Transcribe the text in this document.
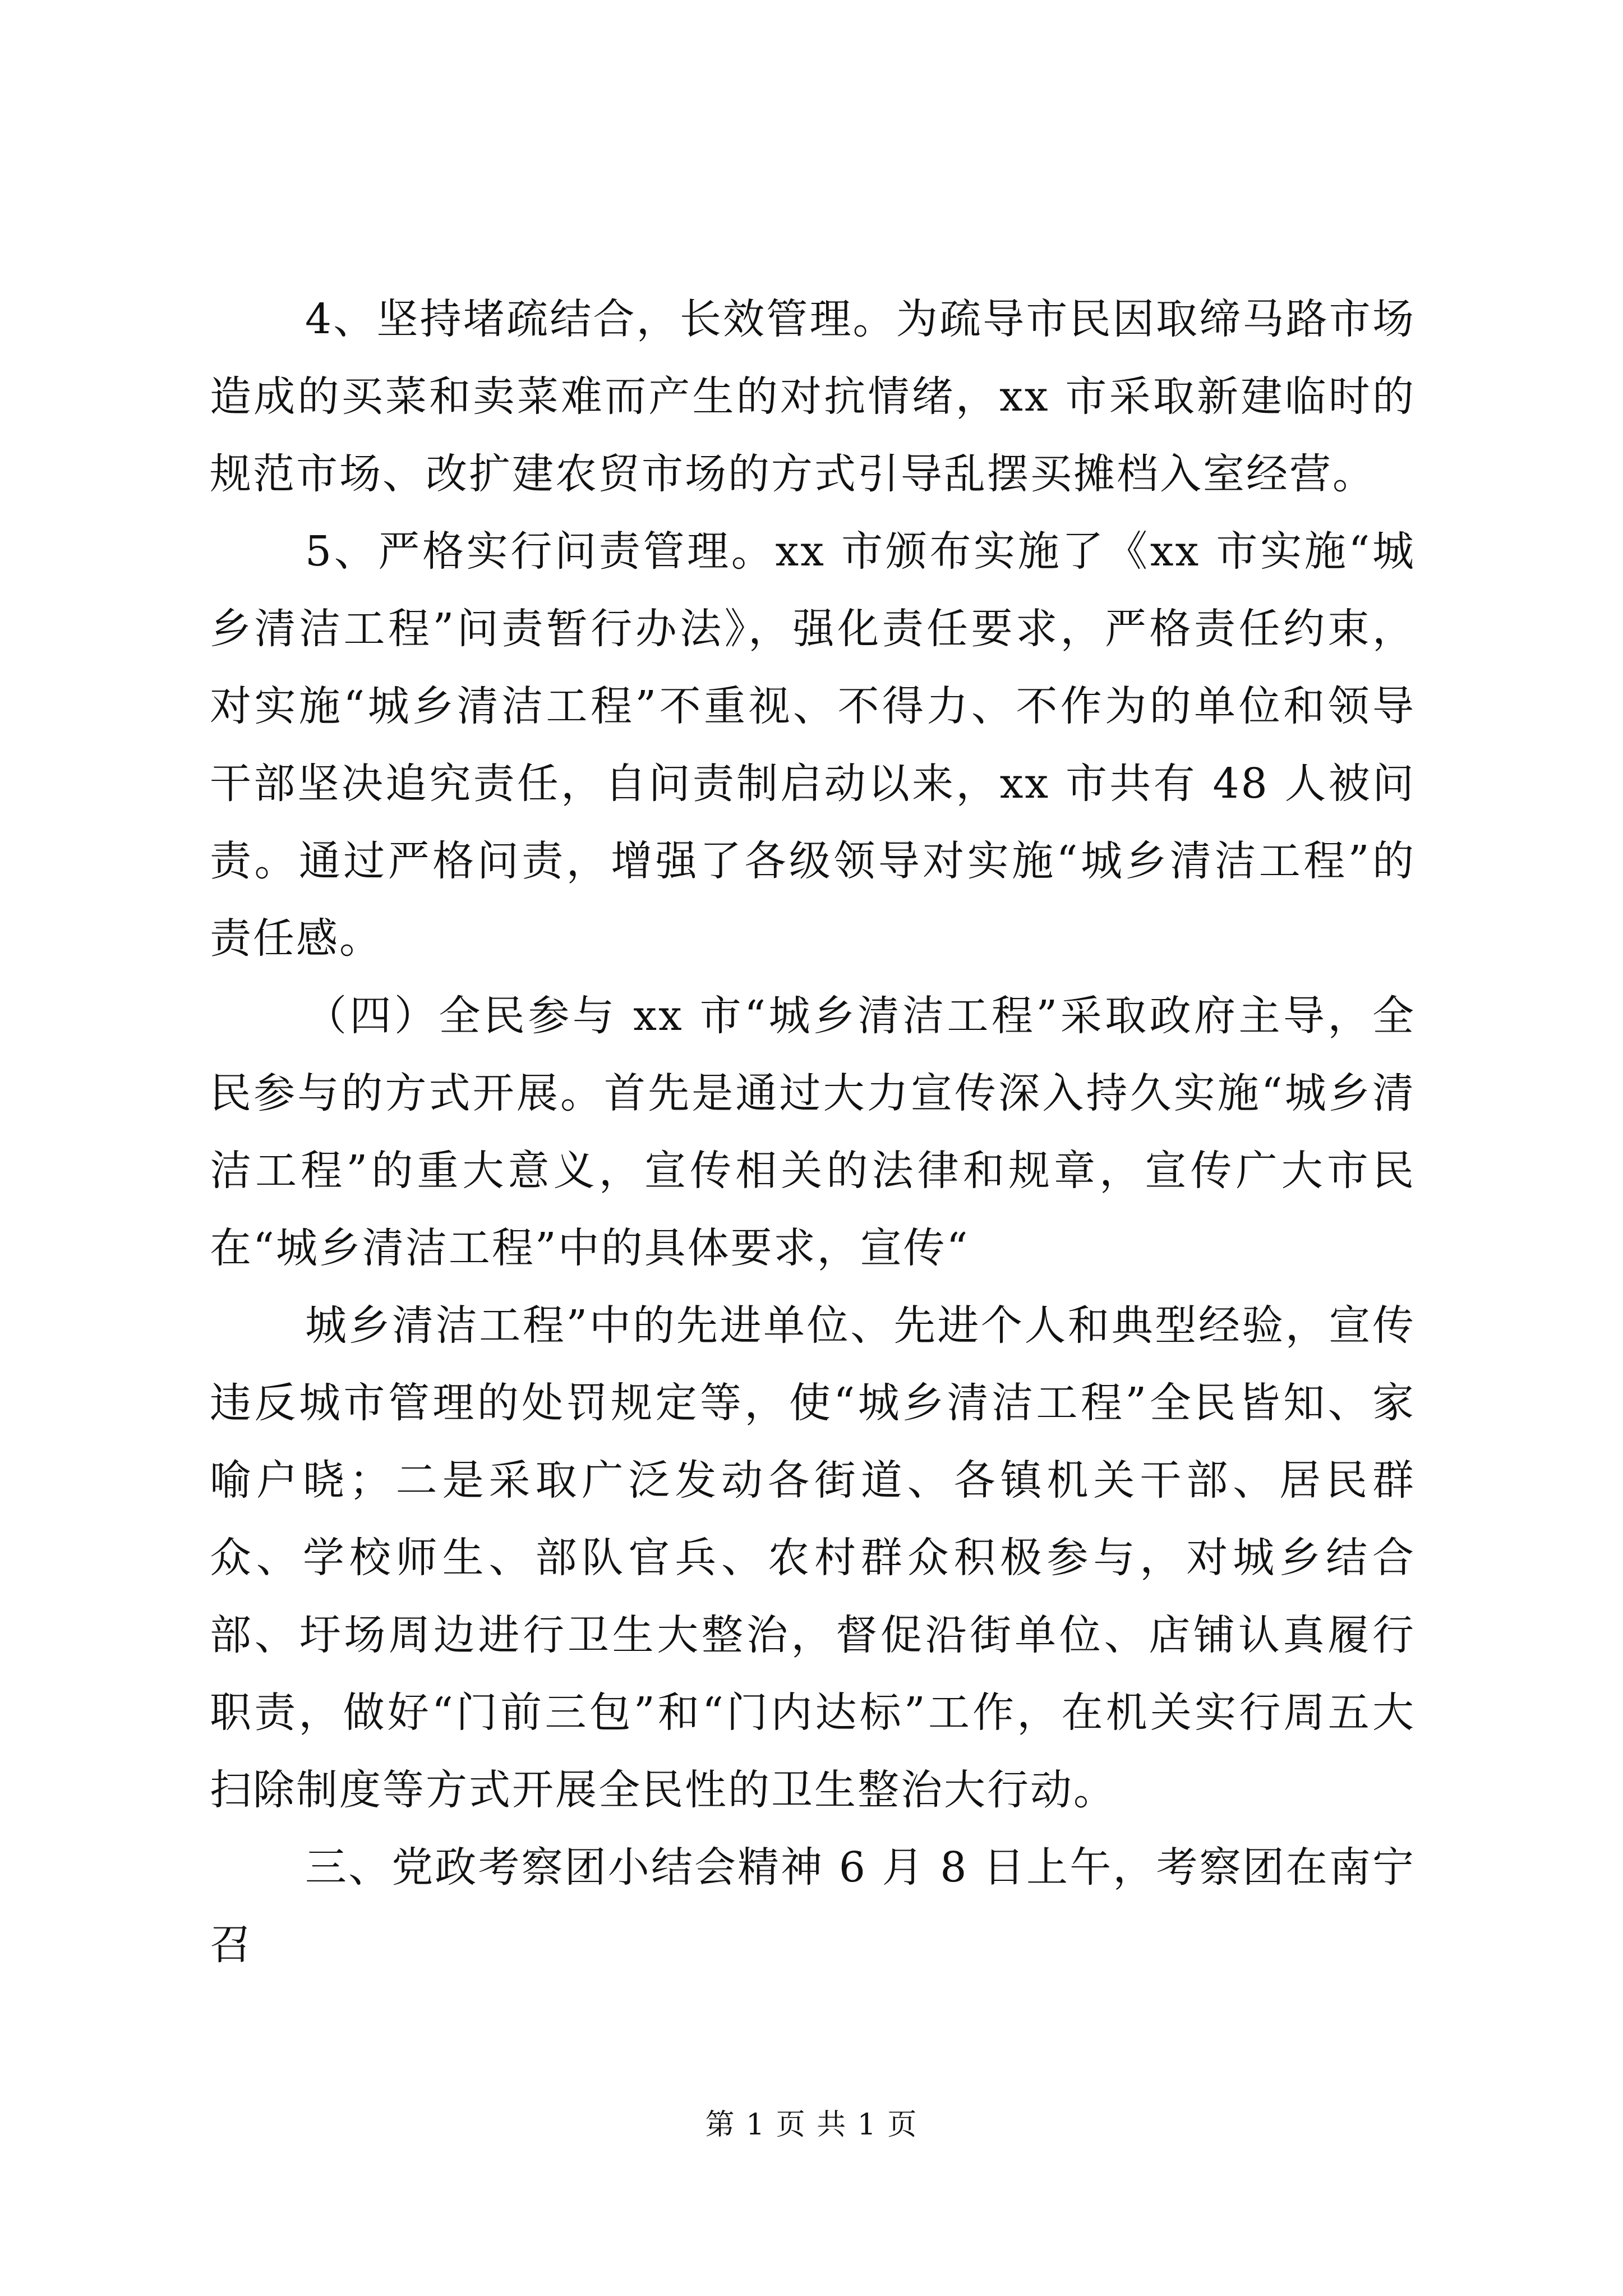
4、坚持堵疏结合，长效管理。为疏导市民因取缔马路市场造成的买菜和卖菜难而产生的对抗情绪，xx 市采取新建临时的规范市场、改扩建农贸市场的方式引导乱摆买摊档入室经营。

5、严格实行问责管理。xx 市颁布实施了《xx 市实施“城乡清洁工程”问责暂行办法》，强化责任要求，严格责任约束，对实施“城乡清洁工程”不重视、不得力、不作为的单位和领导干部坚决追究责任，自问责制启动以来，xx 市共有 48 人被问责。通过严格问责，增强了各级领导对实施“城乡清洁工程”的责任感。

（四）全民参与 xx 市“城乡清洁工程”采取政府主导，全民参与的方式开展。首先是通过大力宣传深入持久实施“城乡清洁工程”的重大意义，宣传相关的法律和规章，宣传广大市民在“城乡清洁工程”中的具体要求，宣传“

城乡清洁工程”中的先进单位、先进个人和典型经验，宣传违反城市管理的处罚规定等，使“城乡清洁工程”全民皆知、家喻户晓；二是采取广泛发动各街道、各镇机关干部、居民群众、学校师生、部队官兵、农村群众积极参与，对城乡结合部、圩场周边进行卫生大整治，督促沿街单位、店铺认真履行职责，做好“门前三包”和“门内达标”工作，在机关实行周五大扫除制度等方式开展全民性的卫生整治大行动。

三、党政考察团小结会精神 6 月 8 日上午，考察团在南宁召

第 1 页 共 1 页
